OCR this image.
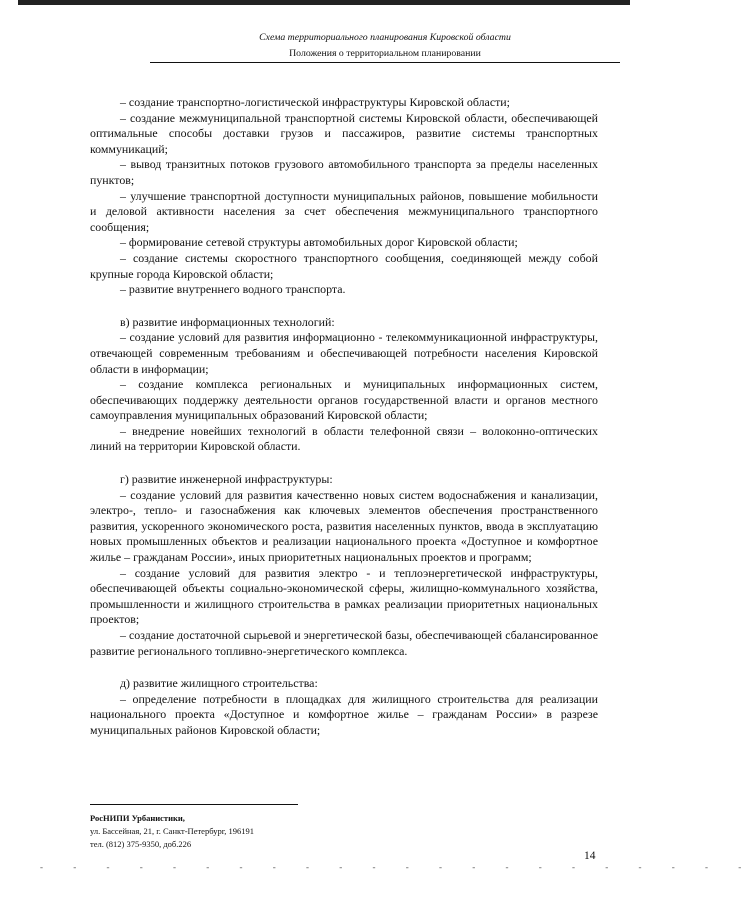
Схема территориального планирования Кировской области
Положения о территориальном планировании

– создание транспортно-логистической инфраструктуры Кировской области;

– создание межмуниципальной транспортной системы Кировской области, обеспечивающей оптимальные способы доставки грузов и пассажиров, развитие системы транспортных коммуникаций;

– вывод транзитных потоков грузового автомобильного транспорта за пределы населенных пунктов;

– улучшение транспортной доступности муниципальных районов, повышение мобильности и деловой активности населения за счет обеспечения межмуниципального транспортного сообщения;

– формирование сетевой структуры автомобильных дорог Кировской области;

– создание системы скоростного транспортного сообщения, соединяющей между собой крупные города Кировской области;

– развитие внутреннего водного транспорта.

в) развитие информационных технологий:

– создание условий для развития информационно - телекоммуникационной инфраструктуры, отвечающей современным требованиям и обеспечивающей потребности населения Кировской области в информации;

– создание комплекса региональных и муниципальных информационных систем, обеспечивающих поддержку деятельности органов государственной власти и органов местного самоуправления муниципальных образований Кировской области;

– внедрение новейших технологий в области телефонной связи – волоконно-оптических линий на территории Кировской области.

г) развитие инженерной инфраструктуры:

– создание условий для развития качественно новых систем водоснабжения и канализации, электро-, тепло- и газоснабжения как ключевых элементов обеспечения пространственного развития, ускоренного экономического роста, развития населенных пунктов, ввода в эксплуатацию новых промышленных объектов и реализации национального проекта «Доступное и комфортное жилье – гражданам России», иных приоритетных национальных проектов и программ;

– создание условий для развития электро - и теплоэнергетической инфраструктуры, обеспечивающей объекты социально-экономической сферы, жилищно-коммунального хозяйства, промышленности и жилищного строительства в рамках реализации приоритетных национальных проектов;

– создание достаточной сырьевой и энергетической базы, обеспечивающей сбалансированное развитие регионального топливно-энергетического комплекса.

д) развитие жилищного строительства:

– определение потребности в площадках для жилищного строительства для реализации национального проекта «Доступное и комфортное жилье – гражданам России» в разрезе муниципальных районов Кировской области;

РосНИПИ Урбанистики,
ул. Бассейная, 21, г. Санкт-Петербург, 196191
тел. (812) 375-9350, доб.226
14
- - - - - - - - - - - - - - - - - - - - - -
